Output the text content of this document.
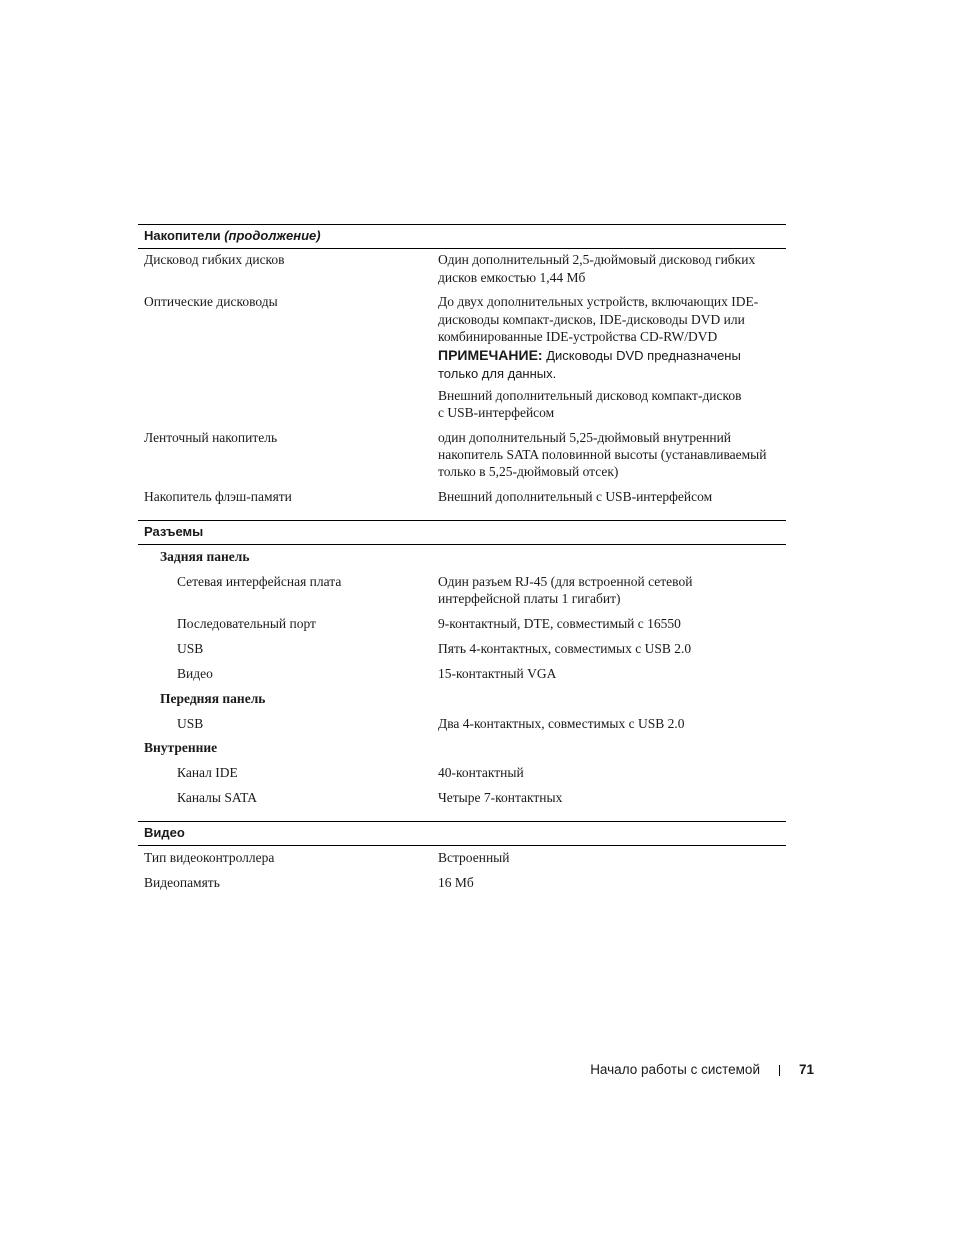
Накопители (продолжение)
Дисковод гибких дисков	Один дополнительный 2,5-дюймовый дисковод гибких
дисков емкостью 1,44 Мб
Оптические дисководы	До двух дополнительных устройств, включающих IDE-
дисководы компакт-дисков, IDE-дисководы DVD или
комбинированные IDE-устройства CD-RW/DVD
ПРИМЕЧАНИЕ: Дисководы DVD предназначены
только для данных.
Внешний дополнительный дисковод компакт-дисков
с USB-интерфейсом
Ленточный накопитель	один дополнительный 5,25-дюймовый внутренний
накопитель SATA половинной высоты (устанавливаемый
только в 5,25-дюймовый отсек)
Накопитель флэш-памяти	Внешний дополнительный с USB-интерфейсом
Разъемы
Задняя панель
Сетевая интерфейсная плата	Один разъем RJ-45 (для встроенной сетевой
интерфейсной платы 1 гигабит)
Последовательный порт	9-контактный, DTE, совместимый с 16550
USB	Пять 4-контактных, совместимых с USB 2.0
Видео	15-контактный VGA
Передняя панель
USB	Два 4-контактных, совместимых с USB 2.0
Внутренние
Канал IDE	40-контактный
Каналы SATA	Четыре 7-контактных
Видео
Тип видеоконтроллера	Встроенный
Видеопамять	16 Мб
Начало работы с системой	71
